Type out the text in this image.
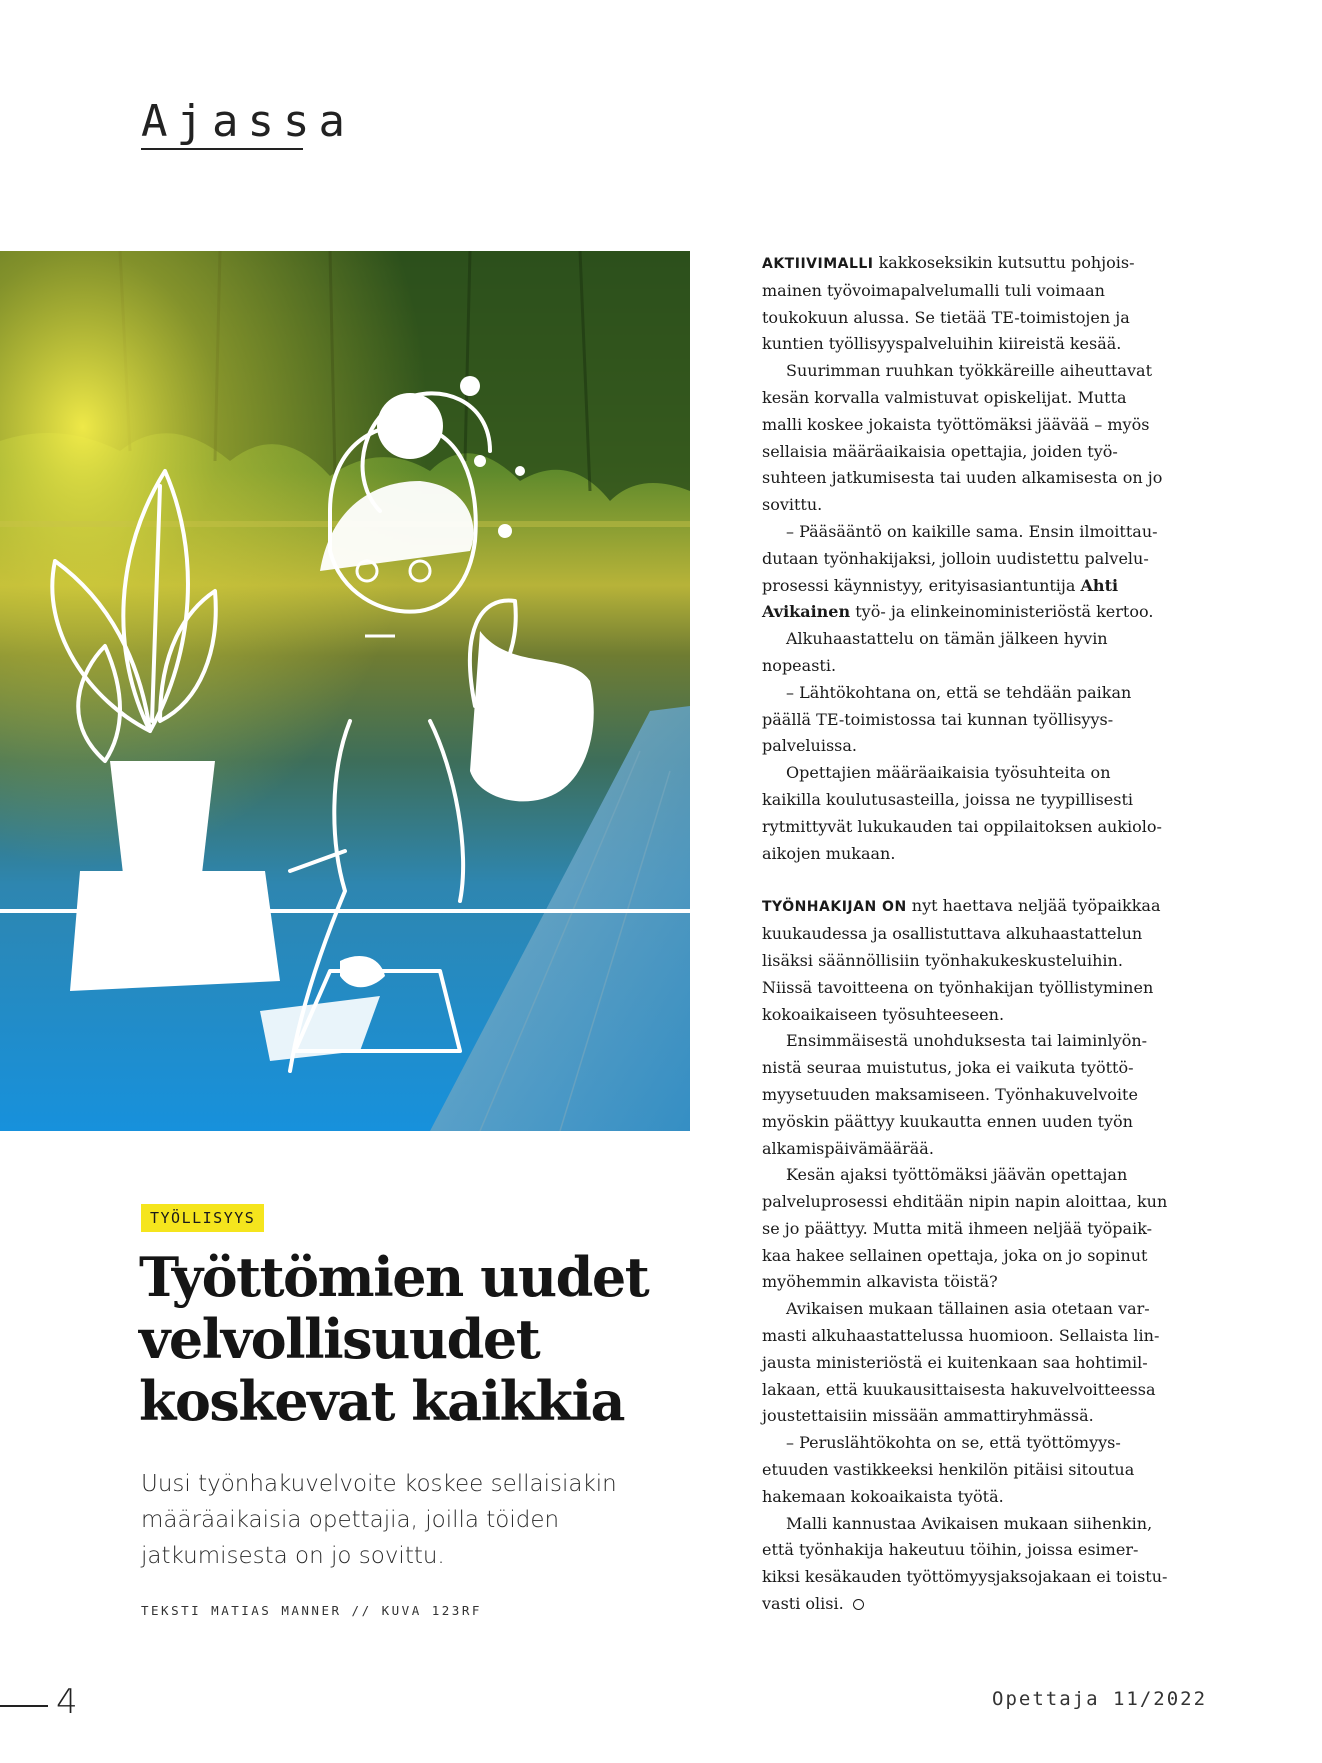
Ajassa
TYÖLLISYYS
Työttömien uudet
velvollisuudet
koskevat kaikkia
Uusi työnhakuvelvoite koskee sellaisiakin
määräaikaisia opettajia, joilla töiden
jatkumisesta on jo sovittu.
TEKSTI MATIAS MANNER // KUVA 123RF
AKTIIVIMALLI kakkoseksikin kutsuttu pohjois-
mainen työvoimapalvelumalli tuli voimaan
toukokuun alussa. Se tietää TE-toimistojen ja
kuntien työllisyyspalveluihin kiireistä kesää.
Suurimman ruuhkan työkkäreille aiheuttavat
kesän korvalla valmistuvat opiskelijat. Mutta
malli koskee jokaista työttömäksi jäävää – myös
sellaisia määräaikaisia opettajia, joiden työ-
suhteen jatkumisesta tai uuden alkamisesta on jo
sovittu.
– Pääsääntö on kaikille sama. Ensin ilmoittau-
dutaan työnhakijaksi, jolloin uudistettu palvelu-
prosessi käynnistyy, erityisasiantuntija Ahti
Avikainen työ- ja elinkeinoministeriöstä kertoo.
Alkuhaastattelu on tämän jälkeen hyvin
nopeasti.
– Lähtökohtana on, että se tehdään paikan
päällä TE-toimistossa tai kunnan työllisyys-
palveluissa.
Opettajien määräaikaisia työsuhteita on
kaikilla koulutusasteilla, joissa ne tyypillisesti
rytmittyvät lukukauden tai oppilaitoksen aukiolo-
aikojen mukaan.
TYÖNHAKIJAN ON nyt haettava neljää työpaikkaa
kuukaudessa ja osallistuttava alkuhaastattelun
lisäksi säännöllisiin työnhakukeskusteluihin.
Niissä tavoitteena on työnhakijan työllistyminen
kokoaikaiseen työsuhteeseen.
Ensimmäisestä unohduksesta tai laiminlyön-
nistä seuraa muistutus, joka ei vaikuta työttö-
myysetuuden maksamiseen. Työnhakuvelvoite
myöskin päättyy kuukautta ennen uuden työn
alkamispäivämäärää.
Kesän ajaksi työttömäksi jäävän opettajan
palveluprosessi ehditään nipin napin aloittaa, kun
se jo päättyy. Mutta mitä ihmeen neljää työpaik-
kaa hakee sellainen opettaja, joka on jo sopinut
myöhemmin alkavista töistä?
Avikaisen mukaan tällainen asia otetaan var-
masti alkuhaastattelussa huomioon. Sellaista lin-
jausta ministeriöstä ei kuitenkaan saa hohtimil-
lakaan, että kuukausittaisesta hakuvelvoitteessa
joustettaisiin missään ammattiryhmässä.
– Peruslähtökohta on se, että työttömyys-
etuuden vastikkeeksi henkilön pitäisi sitoutua
hakemaan kokoaikaista työtä.
Malli kannustaa Avikaisen mukaan siihenkin,
että työnhakija hakeutuu töihin, joissa esimer-
kiksi kesäkauden työttömyysjaksojakaan ei toistu-
vasti olisi.
4	Opettaja 11/2022
